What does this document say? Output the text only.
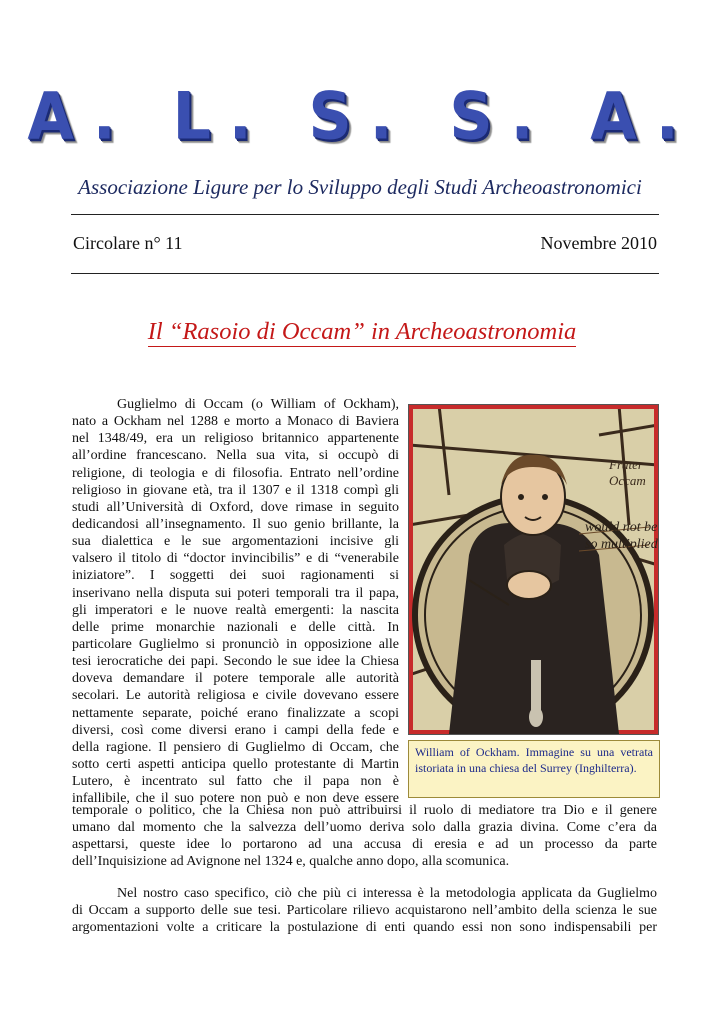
A. L. S. S. A.
Associazione Ligure per lo Sviluppo degli Studi Archeoastronomici
Circolare n° 11	Novembre 2010
Il “Rasoio di Occam” in Archeoastronomia
Guglielmo di Occam (o William of Ockham),
nato a Ockham nel 1288 e morto a Monaco di Baviera
nel 1348/49, era un religioso britannico appartenente
all’ordine francescano. Nella sua vita, si occupò di
religione, di teologia e di filosofia. Entrato nell’ordine
religioso in giovane età, tra il 1307 e il 1318 compì gli
studi all’Università di Oxford, dove rimase in seguito
dedicandosi all’insegnamento. Il suo genio brillante, la
sua dialettica e le sue argomentazioni incisive gli
valsero il titolo di “doctor invincibilis” e di “venerabile
iniziatore”. I soggetti dei suoi ragionamenti si
inserivano nella disputa sui poteri temporali tra il papa,
gli imperatori e le nuove realtà emergenti: la nascita
delle prime monarchie nazionali e delle città. In
particolare Guglielmo si pronunciò in opposizione alle
tesi ierocratiche dei papi. Secondo le sue idee la Chiesa
doveva demandare il potere temporale alle autorità
secolari. Le autorità religiosa e civile dovevano essere
nettamente separate, poiché erano finalizzate a scopi
diversi, così come diversi erano i campi della fede e
della ragione. Il pensiero di Guglielmo di Occam, che
sotto certi aspetti anticipa quello protestante di Martin
Lutero, è incentrato sul fatto che il papa non è
infallibile, che il suo potere non può e non deve essere
temporale o politico, che la Chiesa non può attribuirsi il ruolo di mediatore tra Dio e il genere
umano dal momento che la salvezza dell’uomo deriva solo dalla grazia divina. Come c’era da
aspettarsi, queste idee lo portarono ad una accusa di eresia e ad un processo da parte
dell’Inquisizione ad Avignone nel 1324 e, qualche anno dopo, alla scomunica.
Nel nostro caso specifico, ciò che più ci interessa è la metodologia applicata da Guglielmo
di Occam a supporto delle sue tesi. Particolare rilievo acquistarono nell’ambito della scienza le sue
argomentazioni volte a criticare la postulazione di enti quando essi non sono indispensabili per
Frater
Occam
would not be
so multiplied
William of Ockham. Immagine su una vetrata istoriata in una chiesa del Surrey (Inghilterra).
